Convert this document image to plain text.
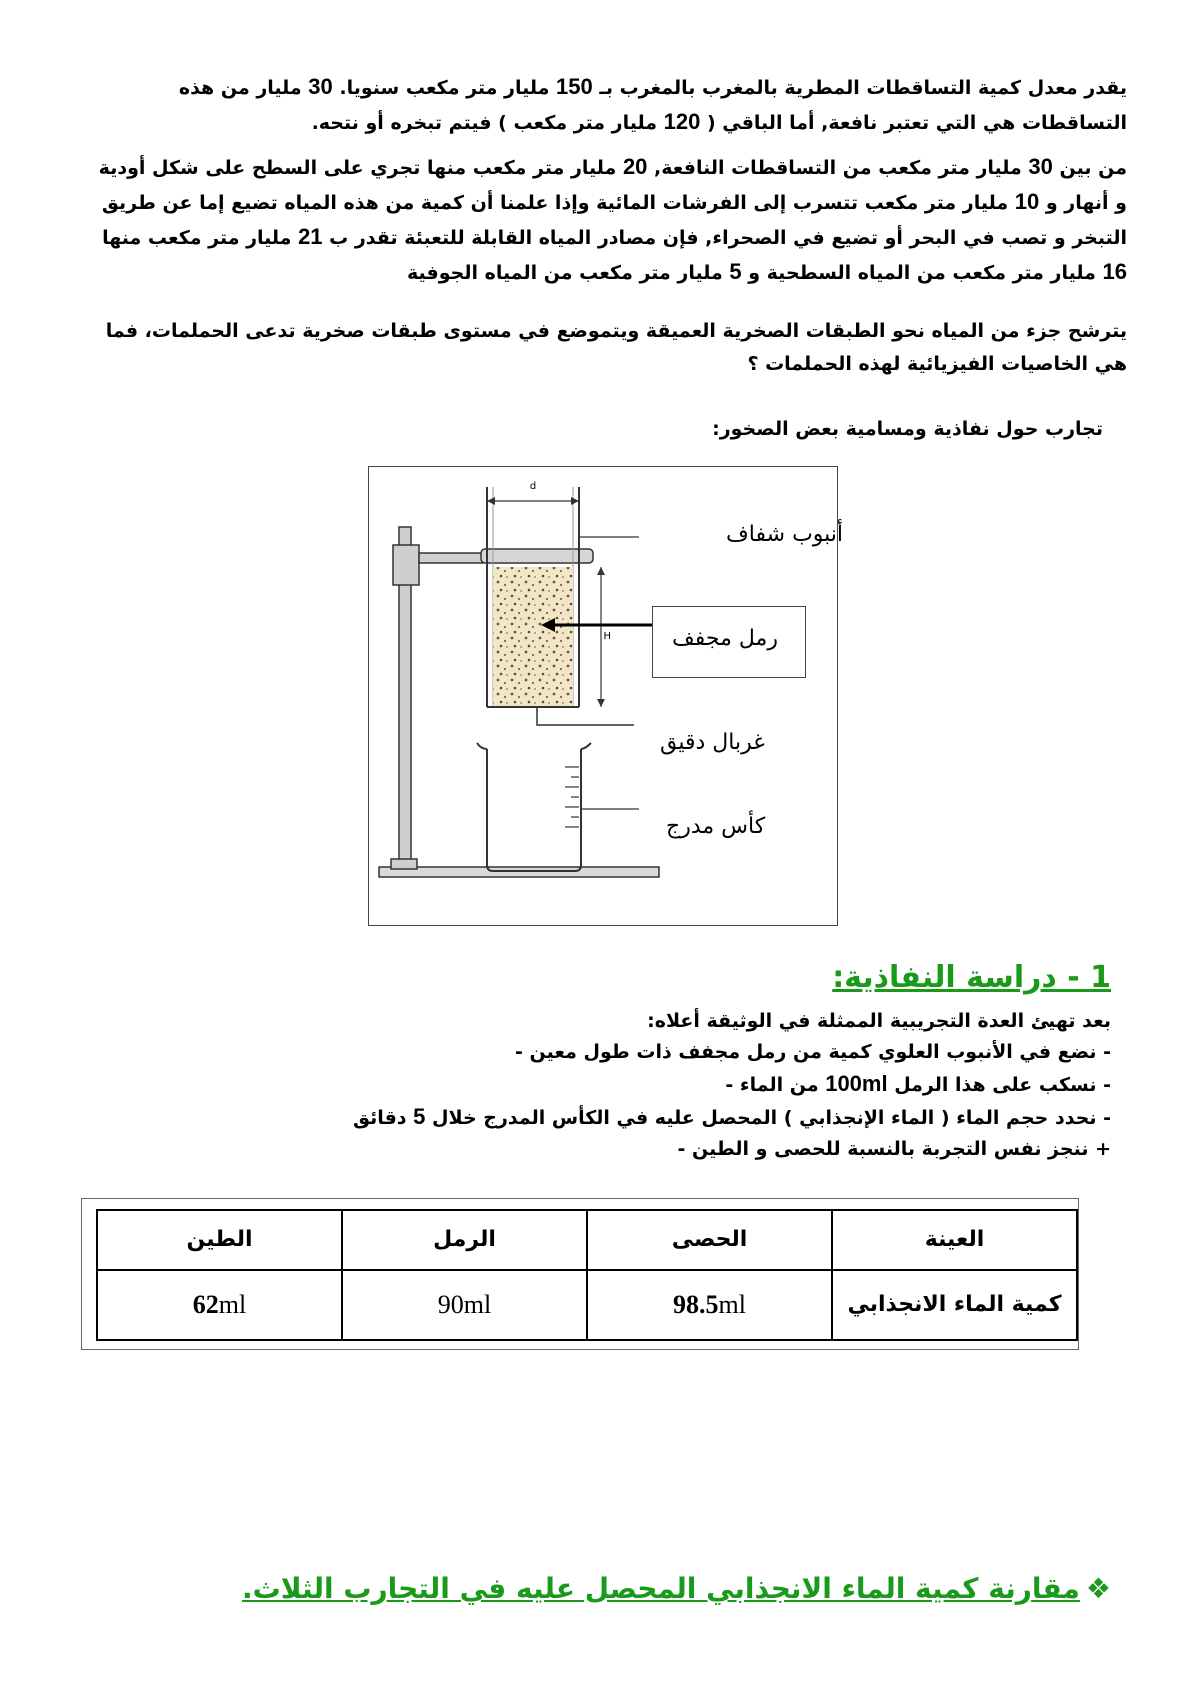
يقدر معدل كمية التساقطات المطرية بالمغرب بالمغرب بـ 150 مليار متر مكعب سنويا. 30 مليار من هذه
التساقطات هي التي تعتبر نافعة, أما الباقي ( 120 مليار متر مكعب ) فيتم تبخره أو نتحه.
من بين 30 مليار متر مكعب من التساقطات النافعة, 20 مليار متر مكعب منها تجري على السطح على شكل أودية
و أنهار و 10 مليار متر مكعب تتسرب إلى الفرشات المائية وإذا علمنا أن كمية من هذه المياه تضيع إما عن طريق
التبخر و تصب في البحر أو تضيع في الصحراء, فإن مصادر المياه القابلة للتعبئة تقدر ب 21 مليار متر مكعب منها
16 مليار متر مكعب من المياه السطحية و 5 مليار متر مكعب من المياه الجوفية
يترشح جزء من المياه نحو الطبقات الصخرية العميقة ويتموضع في مستوى طبقات صخرية تدعى الحملمات، فما
هي الخاصيات الفيزيائية لهذه الحملمات ؟
تجارب حول نفاذية ومسامية بعض الصخور:
d
H
أنبوب شفاف
رمل مجفف
غربال دقيق
كأس مدرج
1 - دراسة النفاذية:
بعد تهيئ العدة التجريبية الممثلة في الوثيقة أعلاه:
- نضع في الأنبوب العلوي كمية من رمل مجفف ذات طول معين -
- نسكب على هذا الرمل 100ml من الماء -
- نحدد حجم الماء ( الماء الإنجذابي ) المحصل عليه في الكأس المدرج خلال 5 دقائق
+ ننجز نفس التجربة بالنسبة للحصى و الطين -
العينة	الحصى	الرمل	الطين
كمية الماء الانجذابي	98.5ml	90ml	62ml
❖مقارنة كمية الماء الانجذابي المحصل عليه في التجارب الثلاث.
